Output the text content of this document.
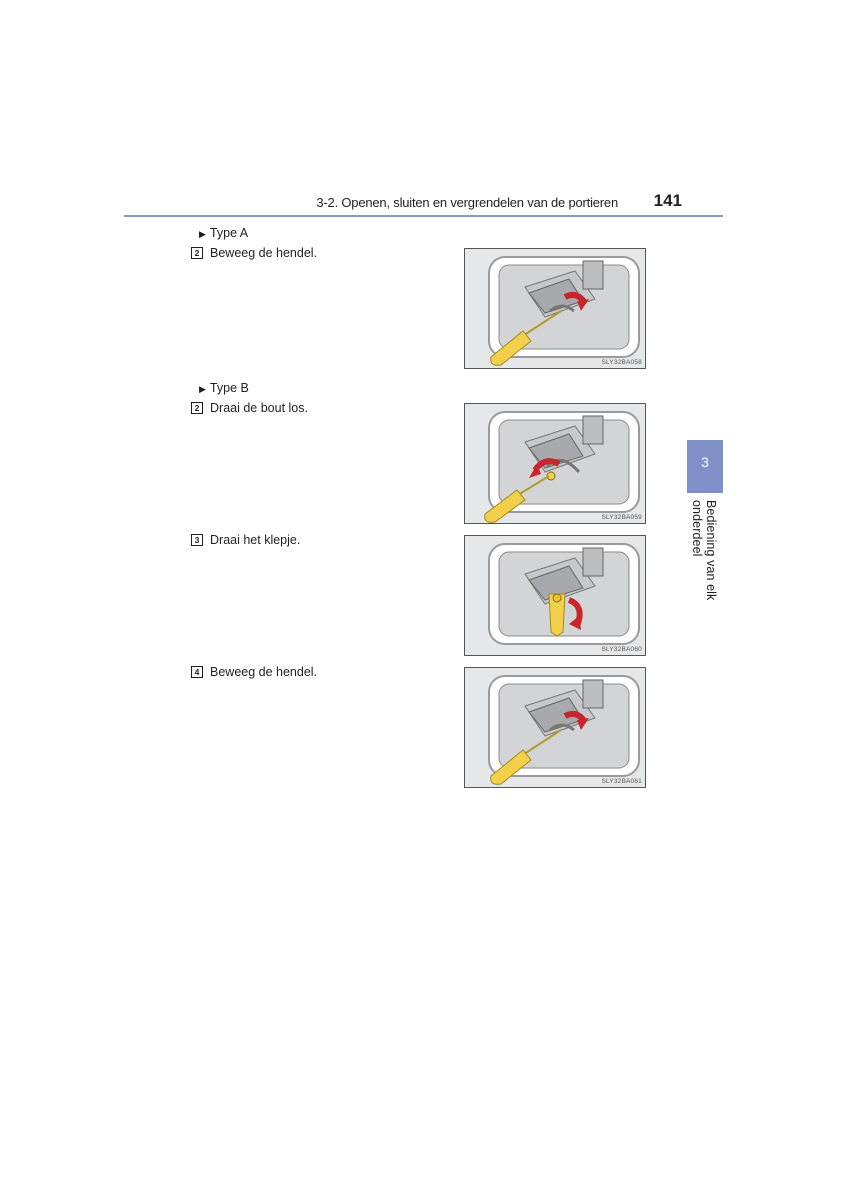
3-2. Openen, sluiten en vergrendelen van de portieren 141
3
Bediening van elk onderdeel
▶ Type A
2 Beweeg de hendel.
SLY32BA058
▶ Type B
2 Draai de bout los.
SLY32BA059
3 Draai het klepje.
SLY32BA060
4 Beweeg de hendel.
SLY32BA061
